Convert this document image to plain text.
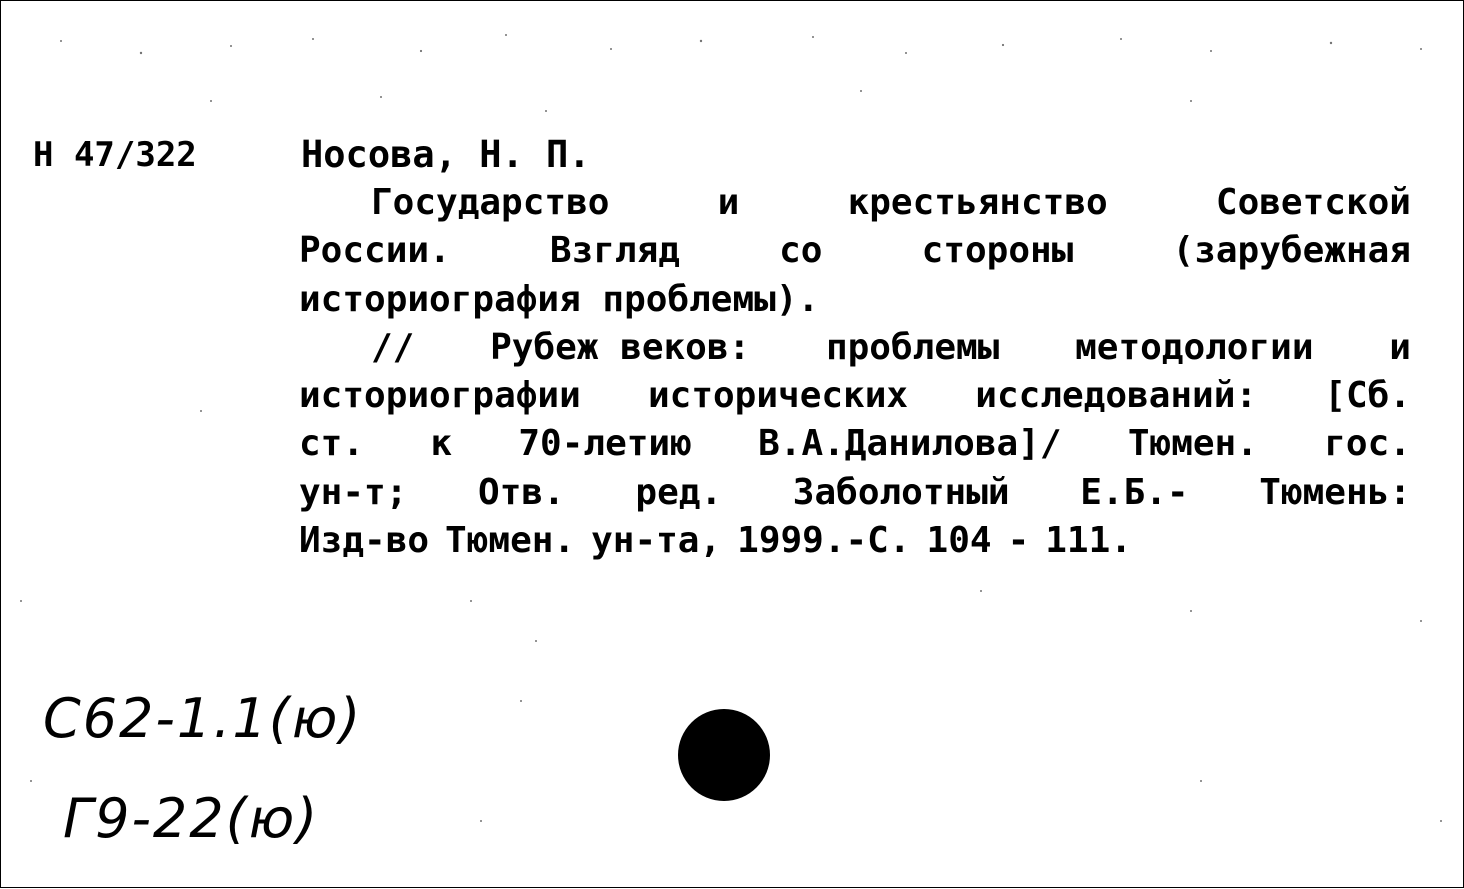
Н 47/322	Носова, Н. П.
Государство	и	крестьянство	Советской
России.	Взгляд	со	стороны	(зарубежная
историография проблемы).
// Рубеж веков: проблемы методологии и
историографии исторических исследований: [Сб.
ст. к 70-летию В.А.Данилова]/ Тюмен. гос.
ун-т; Отв. ред. Заболотный Е.Б.- Тюмень:
Изд-во Тюмен. ун-та, 1999.-С. 104 - 111.
С62-1.1(ю)
Г9-22(ю)
